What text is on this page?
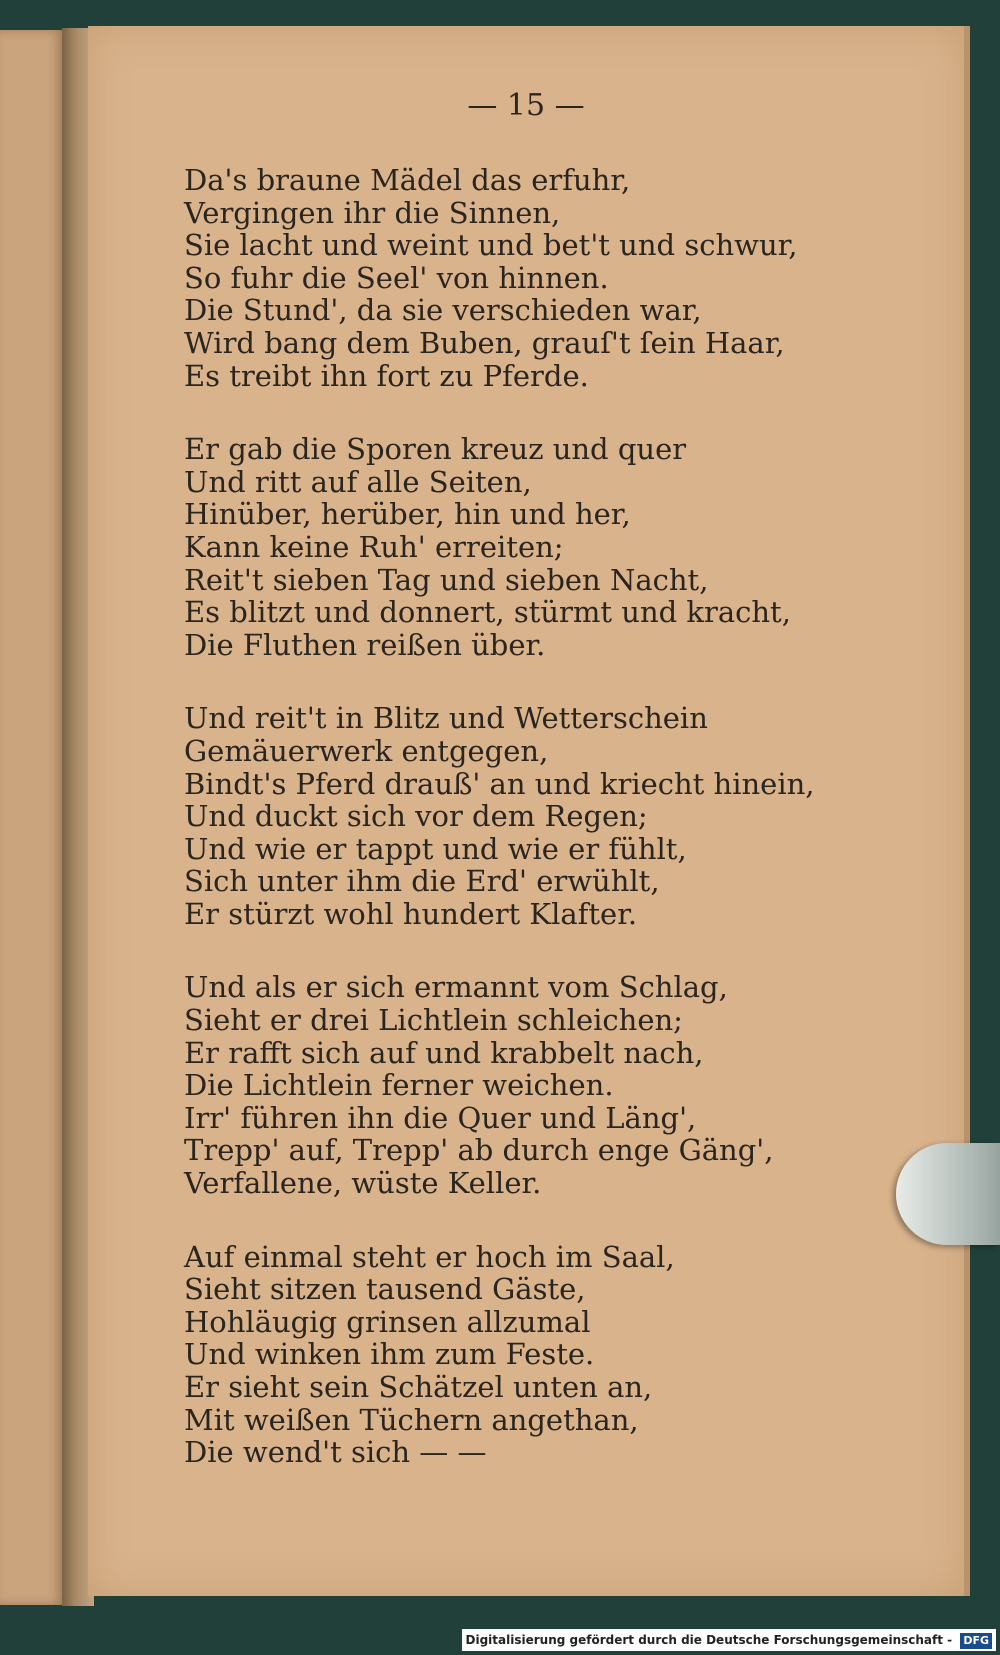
— 15 —
Da's braune Mädel das erfuhr,
Vergingen ihr die Sinnen,
Sie lacht und weint und bet't und schwur,
So fuhr die Seel' von hinnen.
Die Stund', da sie verschieden war,
Wird bang dem Buben, grauſ't ſein Haar,
Es treibt ihn fort zu Pferde.
Er gab die Sporen kreuz und quer
Und ritt auf alle Seiten,
Hinüber, herüber, hin und her,
Kann keine Ruh' erreiten;
Reit't sieben Tag und sieben Nacht,
Es blitzt und donnert, stürmt und kracht,
Die Fluthen reißen über.
Und reit't in Blitz und Wetterschein
Gemäuerwerk entgegen,
Bindt's Pferd drauß' an und kriecht hinein,
Und duckt sich vor dem Regen;
Und wie er tappt und wie er fühlt,
Sich unter ihm die Erd' erwühlt,
Er stürzt wohl hundert Klafter.
Und als er sich ermannt vom Schlag,
Sieht er drei Lichtlein schleichen;
Er rafft sich auf und krabbelt nach,
Die Lichtlein ferner weichen.
Irr' führen ihn die Quer und Läng',
Trepp' auf, Trepp' ab durch enge Gäng',
Verfallene, wüste Keller.
Auf einmal steht er hoch im Saal,
Sieht sitzen tausend Gäste,
Hohläugig grinsen allzumal
Und winken ihm zum Feste.
Er sieht sein Schätzel unten an,
Mit weißen Tüchern angethan,
Die wend't sich — —
Digitalisierung gefördert durch die Deutsche Forschungsgemeinschaft - DFG
